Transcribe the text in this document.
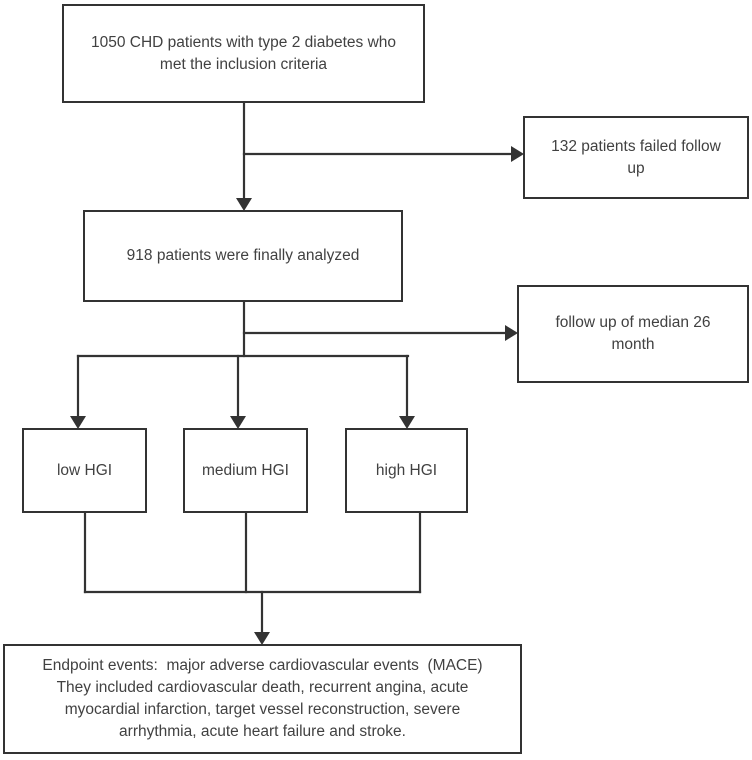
1050 CHD patients with type 2 diabetes who
met the inclusion criteria
132 patients failed follow
up
918 patients were finally analyzed
follow up of median 26
month
low HGI	medium HGI	high HGI
Endpoint events:  major adverse cardiovascular events  (MACE)
They included cardiovascular death, recurrent angina, acute
myocardial infarction, target vessel reconstruction, severe
arrhythmia, acute heart failure and stroke.
